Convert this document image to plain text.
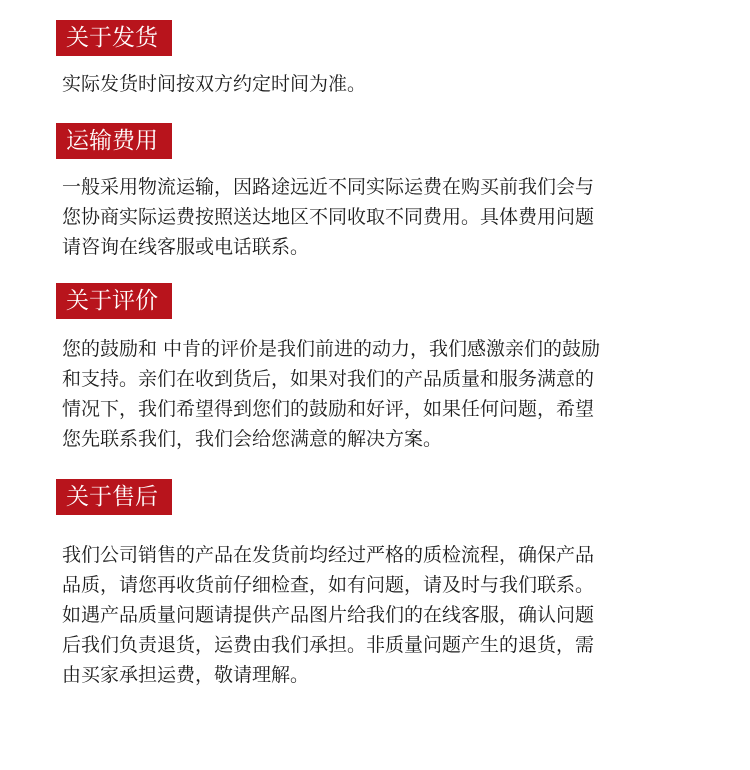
关于发货
实际发货时间按双方约定时间为准。
运输费用
一般采用物流运输，因路途远近不同实际运费在购买前我们会与
您协商实际运费按照送达地区不同收取不同费用。具体费用问题
请咨询在线客服或电话联系。
关于评价
您的鼓励和 中肯的评价是我们前进的动力，我们感激亲们的鼓励
和支持。亲们在收到货后，如果对我们的产品质量和服务满意的
情况下，我们希望得到您们的鼓励和好评，如果任何问题，希望
您先联系我们，我们会给您满意的解决方案。
关于售后
我们公司销售的产品在发货前均经过严格的质检流程，确保产品
品质，请您再收货前仔细检查，如有问题，请及时与我们联系。
如遇产品质量问题请提供产品图片给我们的在线客服，确认问题
后我们负责退货，运费由我们承担。非质量问题产生的退货，需
由买家承担运费，敬请理解。
